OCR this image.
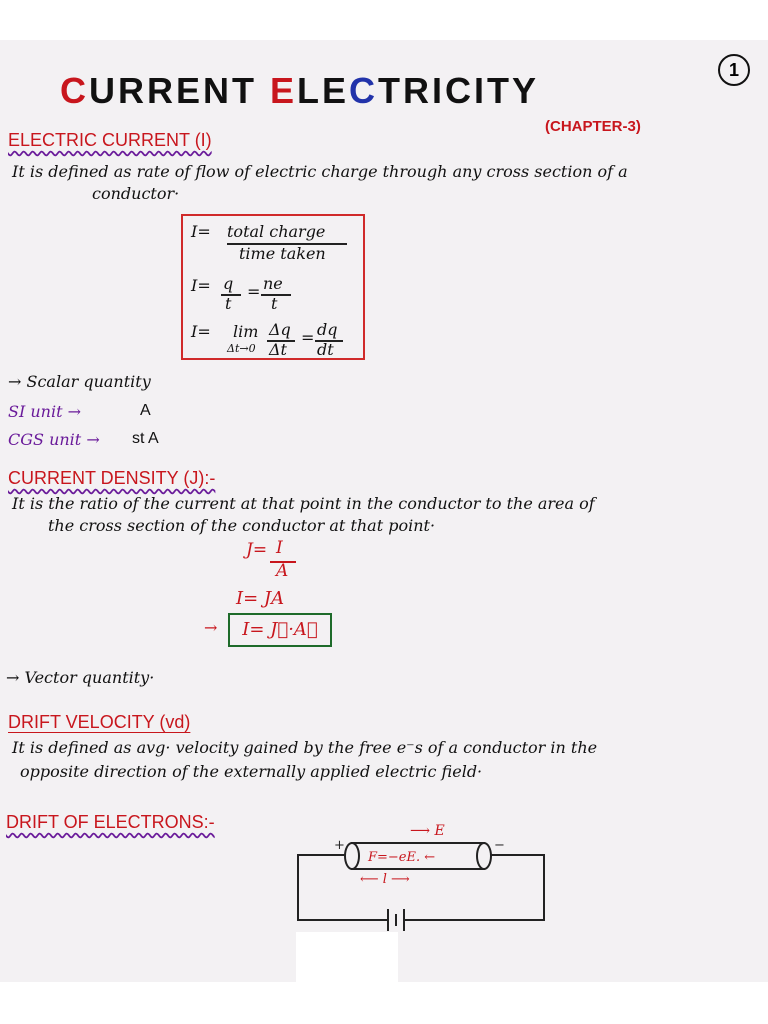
CURRENT ELECTRICITY	1
(CHAPTER-3)
ELECTRIC CURRENT (I)
It is defined as rate of flow of electric charge through any cross section of a
conductor·
I= total charge
time taken
I= q
t
= ne
t
I= lim
Δt→0
Δq
Δt
= dq
dt
→ Scalar quantity
SI unit →	A
CGS unit → st A
CURRENT DENSITY (J):-
It is the ratio of the current at that point in the conductor to the area of
the cross section of the conductor at that point·
J= I
A
I= JA
→	I= J⃗·A⃗
→ Vector quantity·
DRIFT VELOCITY (vd)
It is defined as avg· velocity gained by the free e⁻s of a conductor in the
opposite direction of the externally applied electric field·
DRIFT OF ELECTRONS:-	⟶ E
F=−eE. ←
⟵ l ⟶
+	−
